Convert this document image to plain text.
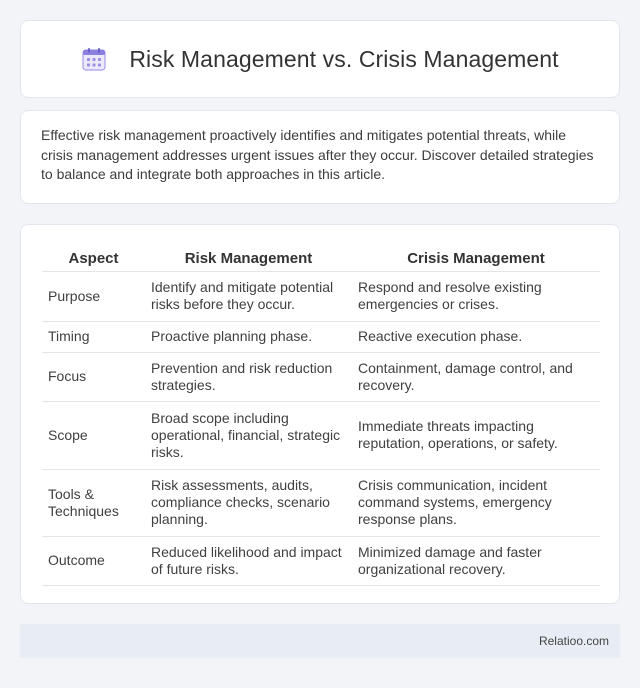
Risk Management vs. Crisis Management

Effective risk management proactively identifies and mitigates potential threats, while crisis management addresses urgent issues after they occur. Discover detailed strategies to balance and integrate both approaches in this article.

Aspect	Risk Management	Crisis Management
Purpose	Identify and mitigate potential risks before they occur.	Respond and resolve existing emergencies or crises.
Timing	Proactive planning phase.	Reactive execution phase.
Focus	Prevention and risk reduction strategies.	Containment, damage control, and recovery.
Scope	Broad scope including operational, financial, strategic risks.	Immediate threats impacting reputation, operations, or safety.
Tools & Techniques	Risk assessments, audits, compliance checks, scenario planning.	Crisis communication, incident command systems, emergency response plans.
Outcome	Reduced likelihood and impact of future risks.	Minimized damage and faster organizational recovery.
Relatioo.com
